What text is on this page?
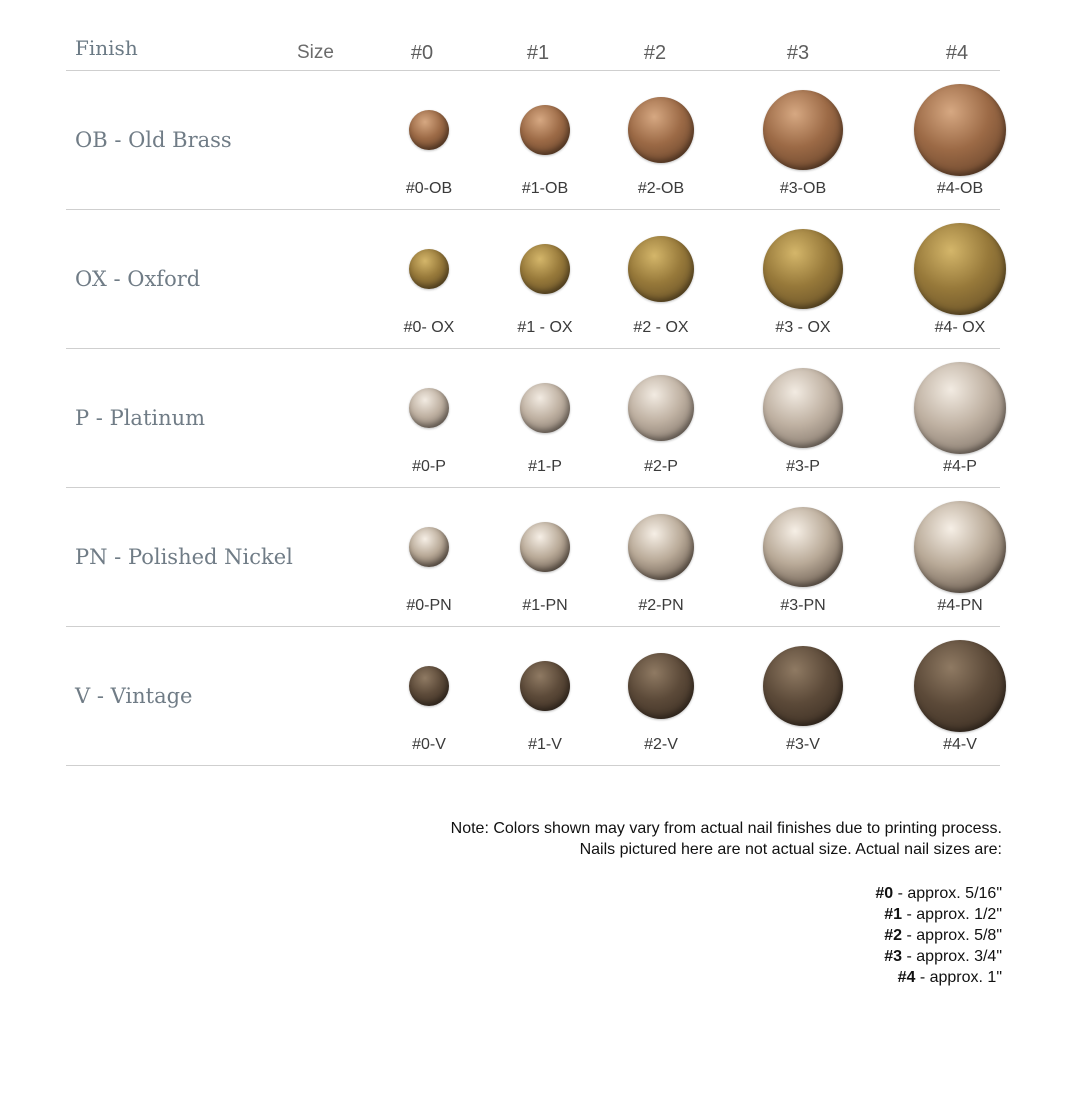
Finish	Size	#0	#1	#2	#3	#4
OB - Old Brass
#0-OB	#1-OB	#2-OB	#3-OB	#4-OB
OX - Oxford
#0- OX	#1 - OX	#2 - OX	#3 - OX	#4- OX
P - Platinum
#0-P	#1-P	#2-P	#3-P	#4-P
PN - Polished Nickel
#0-PN	#1-PN	#2-PN	#3-PN	#4-PN
V - Vintage
#0-V	#1-V	#2-V	#3-V	#4-V
Note: Colors shown may vary from actual nail finishes due to printing process. Nails pictured here are not actual size. Actual nail sizes are:
#0 - approx. 5/16"
#1 - approx. 1/2"
#2 - approx. 5/8"
#3 - approx. 3/4"
#4 - approx. 1"
